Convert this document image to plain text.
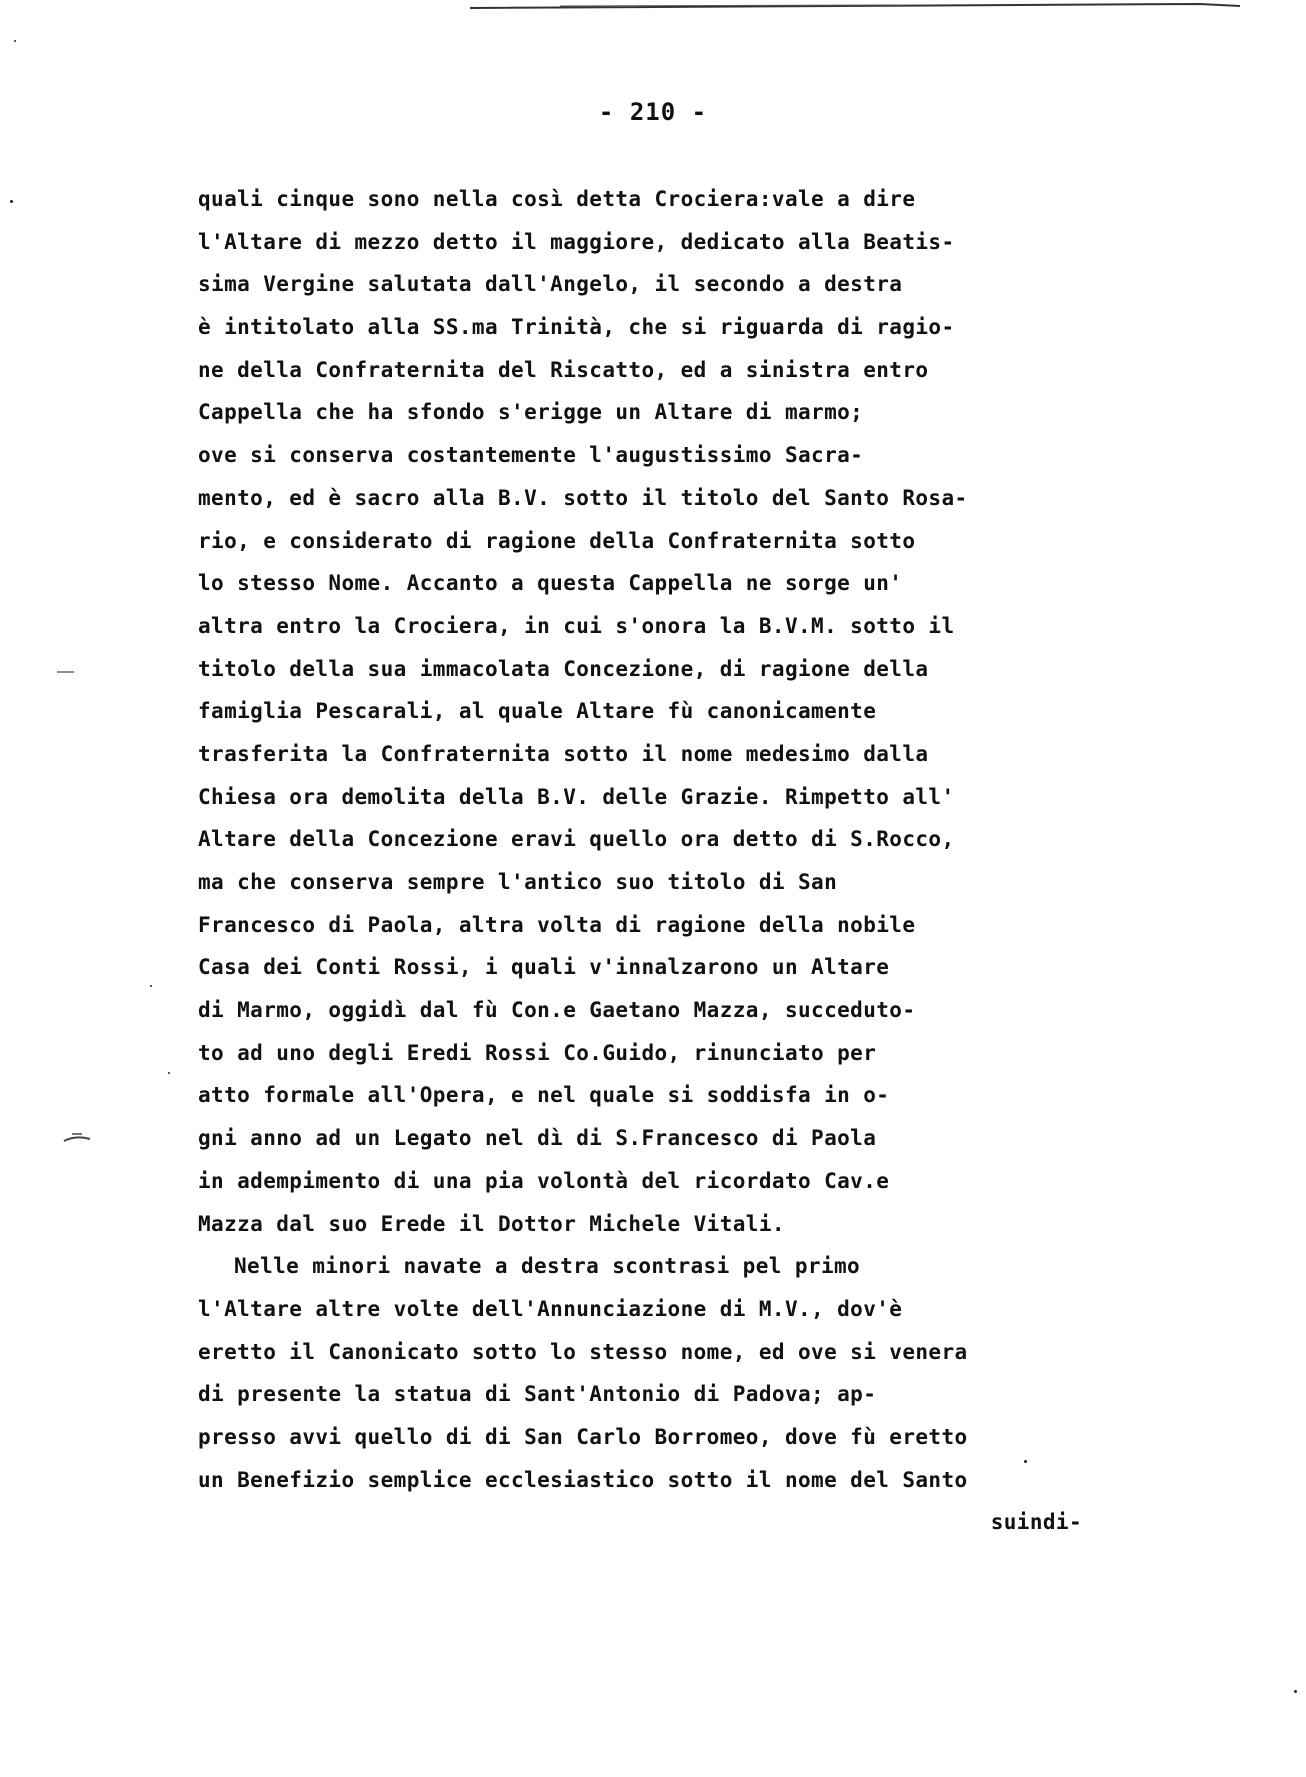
- 210 -
quali cinque sono nella così detta Crociera:vale a dire
l'Altare di mezzo detto il maggiore, dedicato alla Beatis-
sima Vergine salutata dall'Angelo, il secondo a destra
è intitolato alla SS.ma Trinità, che si riguarda di ragio-
ne della Confraternita del Riscatto, ed a sinistra entro
Cappella che ha sfondo s'erigge un Altare di marmo;
ove si conserva costantemente l'augustissimo Sacra-
mento, ed è sacro alla B.V. sotto il titolo del Santo Rosa-
rio, e considerato di ragione della Confraternita sotto
lo stesso Nome. Accanto a questa Cappella ne sorge un'
altra entro la Crociera, in cui s'onora la B.V.M. sotto il
titolo della sua immacolata Concezione, di ragione della
famiglia Pescarali, al quale Altare fù canonicamente
trasferita la Confraternita sotto il nome medesimo dalla
Chiesa ora demolita della B.V. delle Grazie. Rimpetto all'
Altare della Concezione eravi quello ora detto di S.Rocco,
ma che conserva sempre l'antico suo titolo di San
Francesco di Paola, altra volta di ragione della nobile
Casa dei Conti Rossi, i quali v'innalzarono un Altare
di Marmo, oggidì dal fù Con.e Gaetano Mazza, succeduto-
to ad uno degli Eredi Rossi Co.Guido, rinunciato per
atto formale all'Opera, e nel quale si soddisfa in o-
gni anno ad un Legato nel dì di S.Francesco di Paola
in adempimento di una pia volontà del ricordato Cav.e
Mazza dal suo Erede il Dottor Michele Vitali.
Nelle minori navate a destra scontrasi pel primo
l'Altare altre volte dell'Annunciazione di M.V., dov'è
eretto il Canonicato sotto lo stesso nome, ed ove si venera
di presente la statua di Sant'Antonio di Padova; ap-
presso avvi quello di di San Carlo Borromeo, dove fù eretto
un Benefizio semplice ecclesiastico sotto il nome del Santo
suindi-
